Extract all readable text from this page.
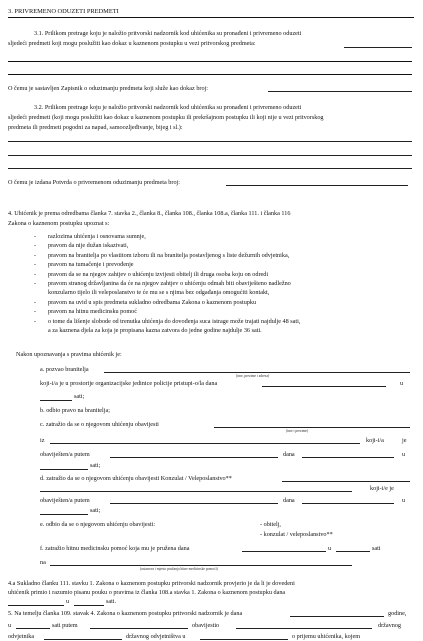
3. PRIVREMENO ODUZETI PREDMETI
3.1. Prilikom pretrage koju je naložio pritvorski nadzornik kod uhićenika su pronađeni i privremeno oduzeti
sljedeći predmeti koji mogu poslužiti kao dokaz u kaznenom postupku u vezi pritvorskog predmeta:
O čemu je sastavljen Zapisnik o oduzimanju predmeta koji služe kao dokaz broj:
3.2. Prilikom pretrage koju je naložio pritvorski nadzornik kod uhićenika su pronađeni i privremeno oduzeti
sljedeći predmeti (koji mogu poslužiti kao dokaz u kaznenom postupku ili prekršajnom postupku ili koji nije u vezi pritvorskog
predmeta ili predmeti pogodni za napad, samoozljeđivanje, bijeg i sl.):
O čemu je izdana Potvrda o privremenom oduzimanju predmeta broj:
4. Uhićenik je prema odredbama članka 7. stavka 2., članka 8., članka 108., članka 108.a, članka 111. i članka 116
Zakona o kaznenom postupku upoznat s:
- razlozima uhićenja i osnovama sumnje,
- pravom da nije dužan iskazivati,
- pravom na branitelja po vlastitom izboru ili na branitelja postavljenog s liste dežurnih odvjetnika,
- pravom na tumačenje i prevođenje
- pravom da se na njegov zahtjev o uhićenju izvijesti obitelj ili druga osoba koju on odredi
- pravom stranog državljanina da će na njegov zahtjev o uhićenju odmah biti obaviješteno nadležno
konzularno tijelo ili veleposlanstvo te će mu se s njima bez odgađanja omogućiti kontakt,
- pravom na uvid u spis predmeta sukladno odredbama Zakona o kaznenom postupku
- pravom na hitnu medicinsku pomoć
- o tome da lišenje slobode od trenutka uhićenja do dovođenja suca istrage može trajati najdulje 48 sati,
a za kaznena djela za koja je propisana kazna zatvora do jedne godine najdulje 36 sati.
Nakon upoznavanja s pravima uhićenik je:
a. pozvao branitelja
(ime, prezime i adresa)
koji-i/a je u prostorije organizacijske jedinice policije pristupi-o/la dana	u
sati;
b. odbio pravo na branitelja;
c. zatražio da se o njegovom uhićenju obavijesti
(ime i prezime)
iz	koji-i/a	je
obaviješten/a putem	dana	u
sati;
d. zatražio da se o njegovom uhićenju obavijesti Konzulat / Veleposlanstvo**
koji-i/e je
obaviješten/a putem	dana	u
sati;
e. odbio da se o njegovom uhićenju obavijesti:	- obitelj,
- konzulat / veleposlanstvo**
f. zatražio hitnu medicinsku pomoć koja mu je pružena dana	u	sati
na
(ustanova i mjesto pružanja hitne medicinske pomoći)
4.a Sukladno članku 111. stavku 1. Zakona o kaznenom postupku pritvorski nadzornik provjerio je da li je dovedeni
uhićenik primio i razumio pisanu pouku o pravima iz članka 108.a stavka 1. Zakona o kaznenom postupku dana
u	sati.
5. Na temelju članka 109. stavak 4. Zakona o kaznenom postupku pritvorski nadzornik je dana	godine,
u	sati putem	obavijestio	državnog
odvjetnika	državnog odvjetništva u	o prijemu uhićenika, kojem
